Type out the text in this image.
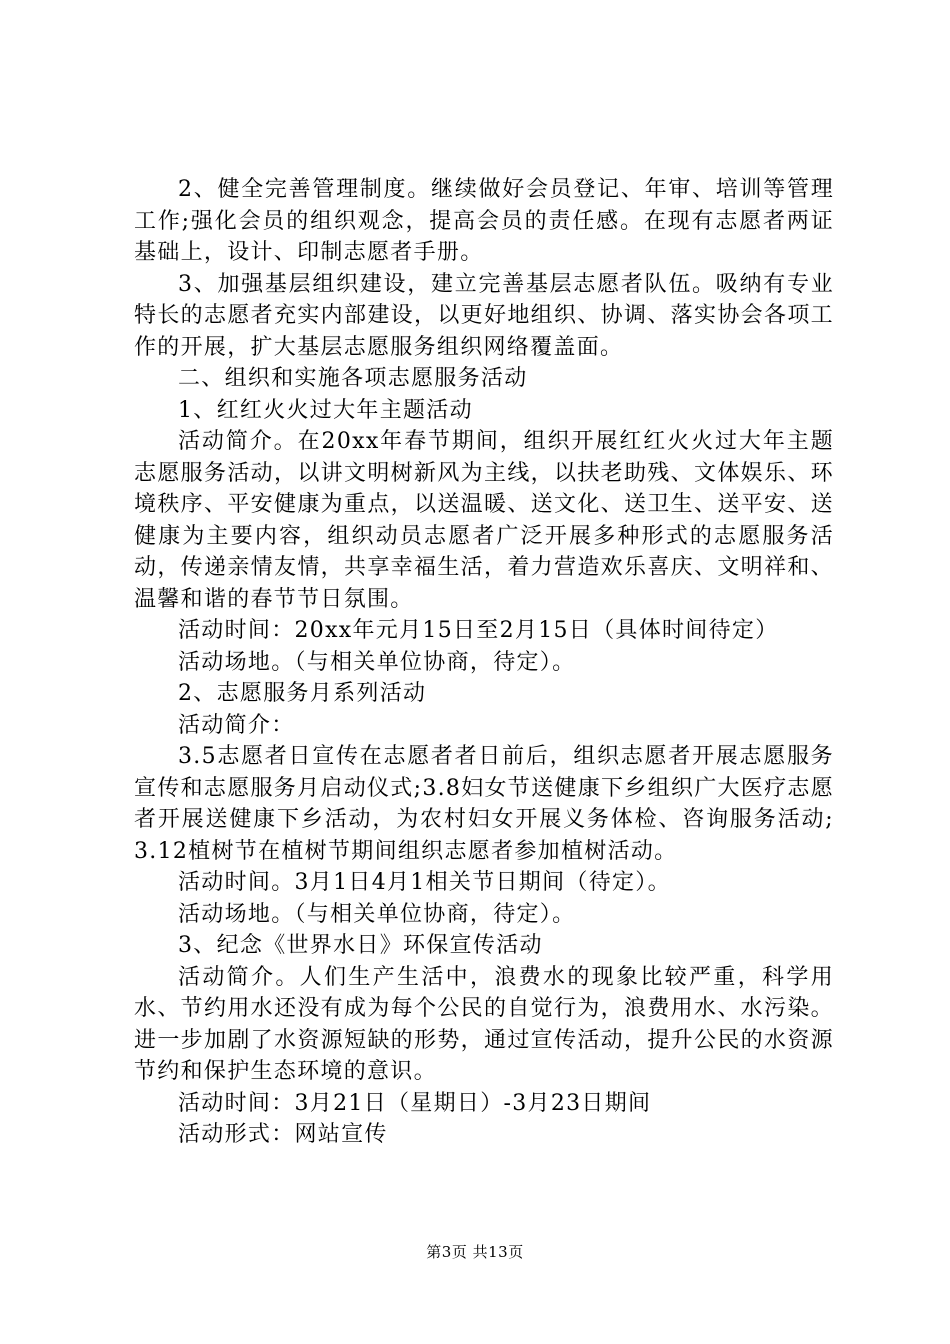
2、健全完善管理制度。继续做好会员登记、年审、培训等管理工作;强化会员的组织观念，提高会员的责任感。在现有志愿者两证基础上，设计、印制志愿者手册。

3、加强基层组织建设，建立完善基层志愿者队伍。吸纳有专业特长的志愿者充实内部建设，以更好地组织、协调、落实协会各项工作的开展，扩大基层志愿服务组织网络覆盖面。

二、组织和实施各项志愿服务活动

1、红红火火过大年主题活动

活动简介。在20xx年春节期间，组织开展红红火火过大年主题志愿服务活动，以讲文明树新风为主线，以扶老助残、文体娱乐、环境秩序、平安健康为重点，以送温暖、送文化、送卫生、送平安、送健康为主要内容，组织动员志愿者广泛开展多种形式的志愿服务活动，传递亲情友情，共享幸福生活，着力营造欢乐喜庆、文明祥和、温馨和谐的春节节日氛围。

活动时间：20xx年元月15日至2月15日（具体时间待定）

活动场地。（与相关单位协商，待定）。

2、志愿服务月系列活动

活动简介：

3.5志愿者日宣传在志愿者者日前后，组织志愿者开展志愿服务宣传和志愿服务月启动仪式;3.8妇女节送健康下乡组织广大医疗志愿者开展送健康下乡活动，为农村妇女开展义务体检、咨询服务活动;3.12植树节在植树节期间组织志愿者参加植树活动。

活动时间。3月1日4月1相关节日期间（待定）。

活动场地。（与相关单位协商，待定）。

3、纪念《世界水日》环保宣传活动

活动简介。人们生产生活中，浪费水的现象比较严重，科学用水、节约用水还没有成为每个公民的自觉行为，浪费用水、水污染。进一步加剧了水资源短缺的形势，通过宣传活动，提升公民的水资源节约和保护生态环境的意识。

活动时间：3月21日（星期日）-3月23日期间

活动形式：网站宣传

第3页 共13页
